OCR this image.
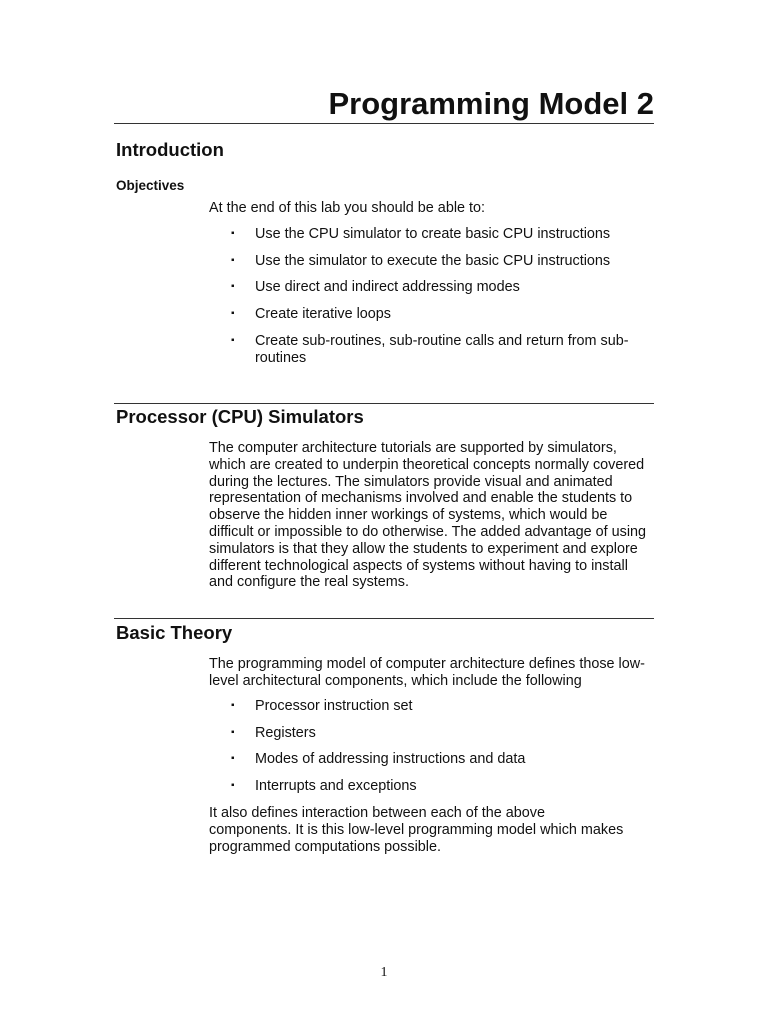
Programming Model 2
Introduction
Objectives

At the end of this lab you should be able to:

▪ Use the CPU simulator to create basic CPU instructions
▪ Use the simulator to execute the basic CPU instructions
▪ Use direct and indirect addressing modes
▪ Create iterative loops
▪ Create sub-routines, sub-routine calls and return from sub-routines
Processor (CPU) Simulators

The computer architecture tutorials are supported by simulators, which are created to underpin theoretical concepts normally covered during the lectures. The simulators provide visual and animated representation of mechanisms involved and enable the students to observe the hidden inner workings of systems, which would be difficult or impossible to do otherwise. The added advantage of using simulators is that they allow the students to experiment and explore different technological aspects of systems without having to install and configure the real systems.

Basic Theory

The programming model of computer architecture defines those low-level architectural components, which include the following

▪ Processor instruction set
▪ Registers
▪ Modes of addressing instructions and data
▪ Interrupts and exceptions

It also defines interaction between each of the above components. It is this low-level programming model which makes programmed computations possible.

1
